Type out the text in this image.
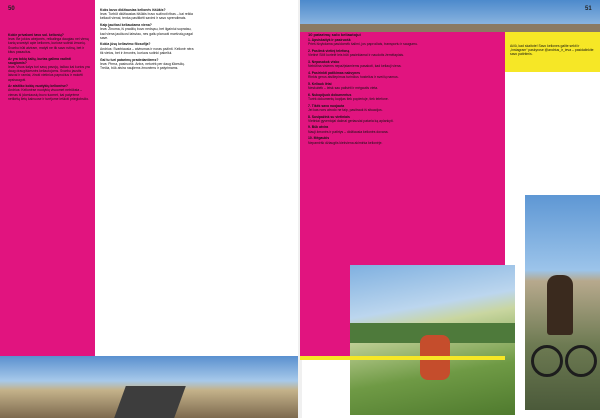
50

Kokie privalomi tavo sol. kelionių?
Ieva: Be jokios abejonės, reikalinga daugiau nei vieną kartą svarstyti apie keliones, kuriose sutinki žmonių. Svarbu būti atviram, matyti ne tik savo rutiną, bet ir kitus pasaulius.

Ar yra tokių šalių, kurias galima vadinti saugiomis?
Ieva: Visos šalys turi savų pavojų, tačiau kai kurios yra daug draugiškesnės keliautojoms. Svarbu jaustis laisvai ir ramiai, žinoti vietinius papročius ir mokėti apsisaugoti.

Ar atsitiko kokių nuotykių kelionėse?
Andrius: Kelionėse nuotykių visuomet netrūksta – vienas iš įdomiausių buvo tuomet, kai patyrėme netikėtą lietų kalnuose ir turėjome ieškoti prieglobsčio.

Koks buvo didžiausias kelionės iššūkis?
Ieva: Turbūt didžiausias iššūkis buvo sužinoti ribas – kai reikia keliauti vienai, tenka pasitikėti savimi ir savo sprendimais.

Kaip jaučiasi keliaudama viena?
Ieva: Žinoma, iš pradžių buvo nedrąsu, bet ilgainiui supratau, kad viena jaučiuosi laisviau, nes galiu planuoti maršrutą pagal save.

Kokia jūsų keliavimo filosofija?
Andrius: Svarbiausia – atvirumas ir noras pažinti. Kelionė nėra tik vietos, bet ir žmonės, kuriuos sutinki pakeliui.

Gal tu turi patarimų pradedantiems?
Ieva: Pirma, pasiruošk. Antra, neturėk per daug lūkesčių. Trečia, būk atvira naujiems žmonėms ir patyrimams.

51

10 patarimų solo keliautojui

1. Apsiskaityk ir pasiruošk
Prieš išvykdama pasidomėk šalimi, jos papročiais, transportu ir saugumu.

2. Pasiimk vietinį telefoną
Vietinė SIM kortelė leis būti pasiekiamai ir naudotis žemėlapiais.

3. Nepasakok visko
Nebūtina visiems nepažįstamiems pasakoti, kad keliauji viena.

4. Pasirinkti patikimas nakvynes
Rinkis gerus atsiliepimus turinčius hostelius ir svečių namus.

5. Keliauk lėtai
Neskubėk – leisk sau pailsėti ir mėgautis vieta.

6. Nukopijuok dokumentus
Turėk dokumentų kopijas tiek popieriuje, tiek telefone.

7. Tikėk savo nuojauta
Jei kas nors atrodo ne taip, pasitrauk iš situacijos.

8. Susipažink su vietiniais
Vietiniai gyventojai dažnai geriausiai pataria ką aplankyti.

9. Būk atvira
Nauji žmonės ir patirtys – didžiausia kelionės dovana.

10. Mėgaukis
Nepamiršk džiaugtis kiekviena akimirka kelionėje.

Ačiū, kad skaitote! Savo keliones galite sekti ir „Instagram“ paskyrose @andrius_ir_ieva – pasidalinkite savo patirtimis.
